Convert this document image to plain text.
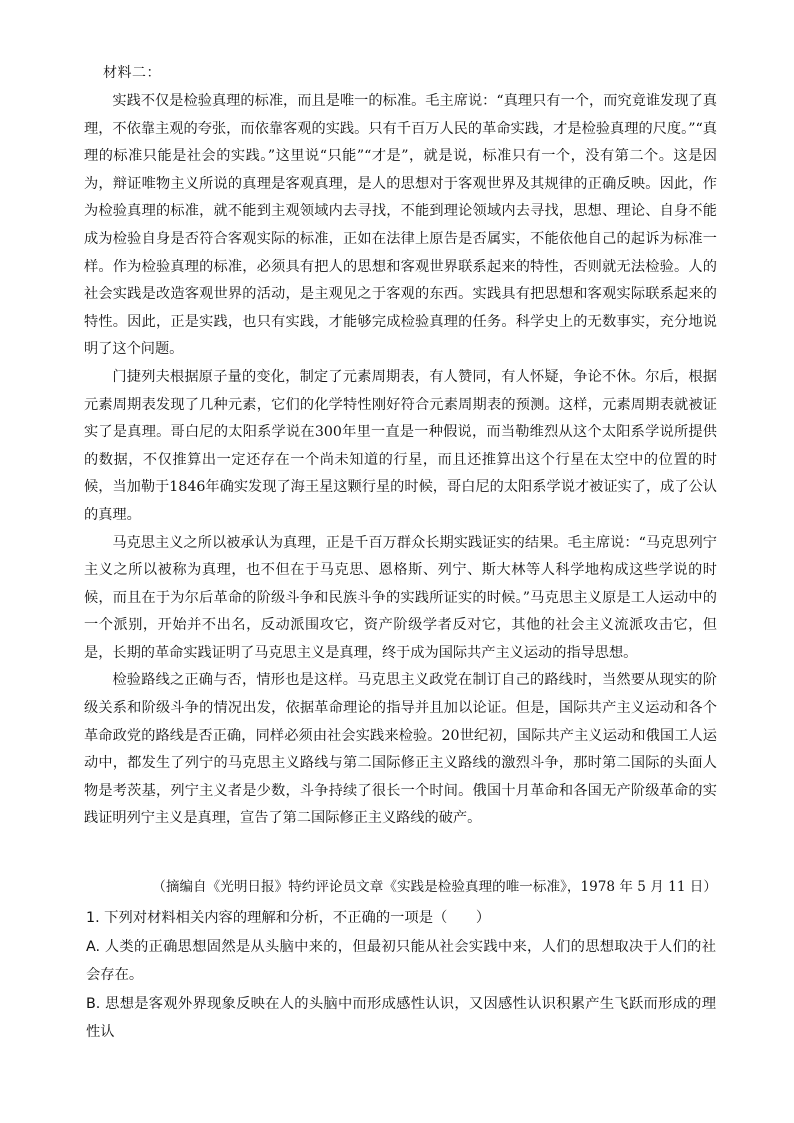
材料二：

实践不仅是检验真理的标准，而且是唯一的标准。毛主席说：“真理只有一个，而究竟谁发现了真理，不依靠主观的夸张，而依靠客观的实践。只有千百万人民的革命实践，才是检验真理的尺度。”“真理的标准只能是社会的实践。”这里说“只能”“才是”，就是说，标准只有一个，没有第二个。这是因为，辩证唯物主义所说的真理是客观真理，是人的思想对于客观世界及其规律的正确反映。因此，作为检验真理的标准，就不能到主观领域内去寻找，不能到理论领域内去寻找，思想、理论、自身不能成为检验自身是否符合客观实际的标准，正如在法律上原告是否属实，不能依他自己的起诉为标准一样。作为检验真理的标准，必须具有把人的思想和客观世界联系起来的特性，否则就无法检验。人的社会实践是改造客观世界的活动，是主观见之于客观的东西。实践具有把思想和客观实际联系起来的特性。因此，正是实践，也只有实践，才能够完成检验真理的任务。科学史上的无数事实，充分地说明了这个问题。

门捷列夫根据原子量的变化，制定了元素周期表，有人赞同，有人怀疑，争论不休。尔后，根据元素周期表发现了几种元素，它们的化学特性刚好符合元素周期表的预测。这样，元素周期表就被证实了是真理。哥白尼的太阳系学说在300年里一直是一种假说，而当勒维烈从这个太阳系学说所提供的数据，不仅推算出一定还存在一个尚未知道的行星，而且还推算出这个行星在太空中的位置的时候，当加勒于1846年确实发现了海王星这颗行星的时候，哥白尼的太阳系学说才被证实了，成了公认的真理。

马克思主义之所以被承认为真理，正是千百万群众长期实践证实的结果。毛主席说：“马克思列宁主义之所以被称为真理，也不但在于马克思、恩格斯、列宁、斯大林等人科学地构成这些学说的时候，而且在于为尔后革命的阶级斗争和民族斗争的实践所证实的时候。”马克思主义原是工人运动中的一个派别，开始并不出名，反动派围攻它，资产阶级学者反对它，其他的社会主义流派攻击它，但是，长期的革命实践证明了马克思主义是真理，终于成为国际共产主义运动的指导思想。

检验路线之正确与否，情形也是这样。马克思主义政党在制订自己的路线时，当然要从现实的阶级关系和阶级斗争的情况出发，依据革命理论的指导并且加以论证。但是，国际共产主义运动和各个革命政党的路线是否正确，同样必须由社会实践来检验。20世纪初，国际共产主义运动和俄国工人运动中，都发生了列宁的马克思主义路线与第二国际修正主义路线的激烈斗争，那时第二国际的头面人物是考茨基，列宁主义者是少数，斗争持续了很长一个时间。俄国十月革命和各国无产阶级革命的实践证明列宁主义是真理，宣告了第二国际修正主义路线的破产。

（摘编自《光明日报》特约评论员文章《实践是检验真理的唯一标准》，1978 年 5 月 11 日）

1. 下列对材料相关内容的理解和分析，不正确的一项是（　　）

A. 人类的正确思想固然是从头脑中来的，但最初只能从社会实践中来，人们的思想取决于人们的社会存在。

B. 思想是客观外界现象反映在人的头脑中而形成感性认识，又因感性认识积累产生飞跃而形成的理性认
